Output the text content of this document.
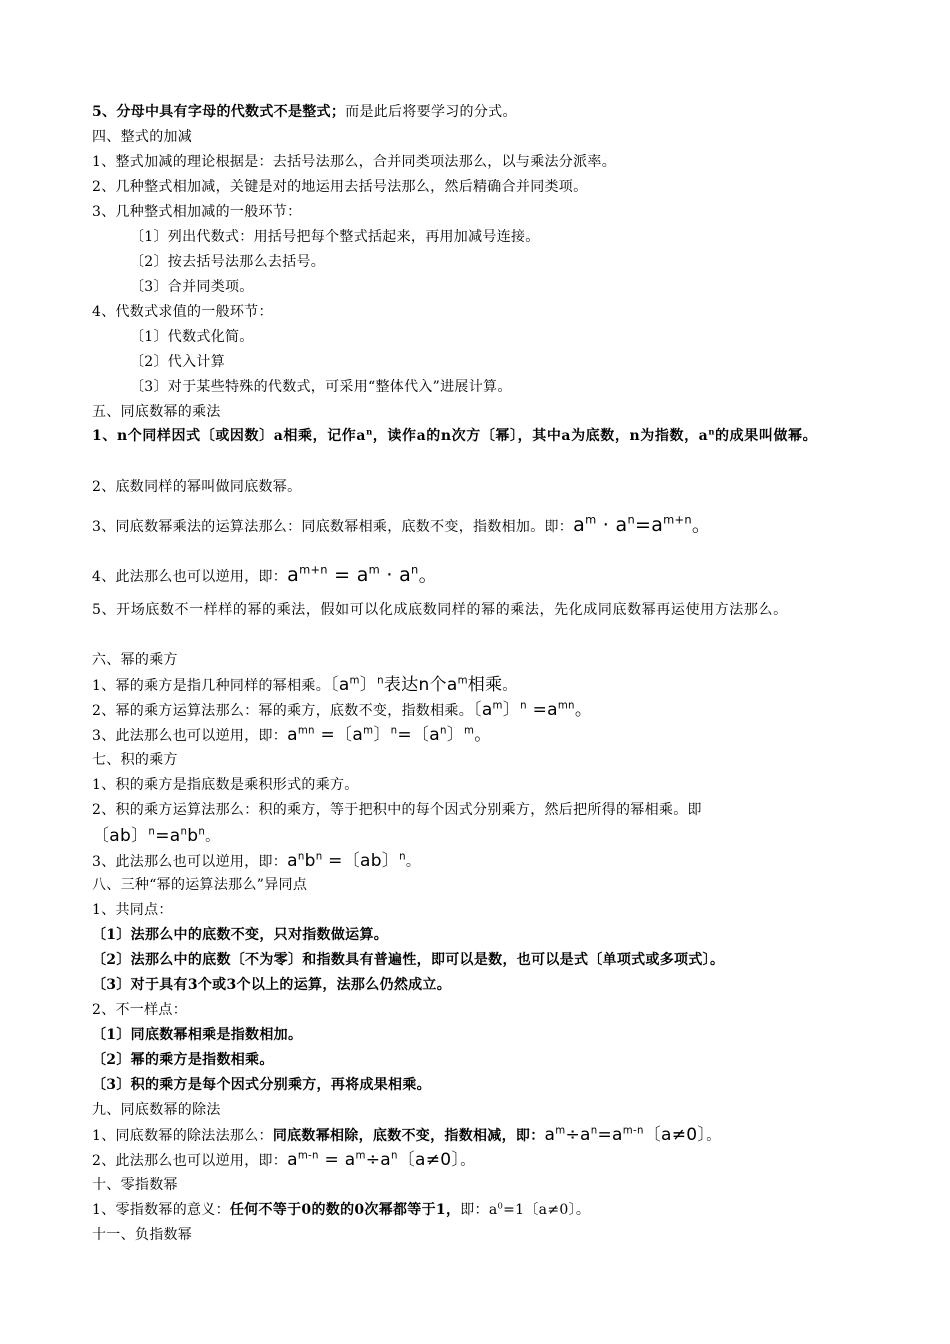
5、分母中具有字母的代数式不是整式；而是此后将要学习的分式。
四、整式的加减
1、整式加减的理论根据是：去括号法那么，合并同类项法那么，以与乘法分派率。
2、几种整式相加减，关键是对的地运用去括号法那么，然后精确合并同类项。
3、几种整式相加减的一般环节：
〔1〕列出代数式：用括号把每个整式括起来，再用加减号连接。
〔2〕按去括号法那么去括号。
〔3〕合并同类项。
4、代数式求值的一般环节：
〔1〕代数式化简。
〔2〕代入计算
〔3〕对于某些特殊的代数式，可采用“整体代入”进展计算。
五、同底数幂的乘法
1、n个同样因式〔或因数〕a相乘，记作$a^n$，读作a的n次方〔幂〕，其中a为底数，n为指数，$a^n$的成果叫做幂。
2、底数同样的幂叫做同底数幂。
3、同底数幂乘法的运算法那么：同底数幂相乘，底数不变，指数相加。即：$a^m \cdot a^n=a^{m+n}$。
4、此法那么也可以逆用，即：$a^{m+n} = a^m \cdot a^n$。
5、开场底数不一样样的幂的乘法，假如可以化成底数同样的幂的乘法，先化成同底数幂再运使用方法那么。
六、幂的乘方
1、幂的乘方是指几种同样的幂相乘。〔$a^m$〕$^n$表达n个$a^m$相乘。
2、幂的乘方运算法那么：幂的乘方，底数不变，指数相乘。〔$a^m$〕$^n =a^{mn}$。
3、此法那么也可以逆用，即：$a^{mn}$ =〔$a^m$〕$^n$=〔$a^n$〕$^m$。
七、积的乘方
1、积的乘方是指底数是乘积形式的乘方。
2、积的乘方运算法那么：积的乘方，等于把积中的每个因式分别乘方，然后把所得的幂相乘。即
〔ab〕$^n=a^nb^n$。
3、此法那么也可以逆用，即：$a^nb^n$ =〔ab〕$^n$。
八、三种“幂的运算法那么”异同点
1、共同点：
〔1〕法那么中的底数不变，只对指数做运算。
〔2〕法那么中的底数〔不为零〕和指数具有普遍性，即可以是数，也可以是式〔单项式或多项式〕。
〔3〕对于具有3个或3个以上的运算，法那么仍然成立。
2、不一样点：
〔1〕同底数幂相乘是指数相加。
〔2〕幂的乘方是指数相乘。
〔3〕积的乘方是每个因式分别乘方，再将成果相乘。
九、同底数幂的除法
1、同底数幂的除法法那么：同底数幂相除，底数不变，指数相减，即：$a^m\div a^n=a^{m-n}$〔a≠0〕。
2、此法那么也可以逆用，即：$a^{m-n} = a^m\div a^n$〔a≠0〕。
十、零指数幂
1、零指数幂的意义：任何不等于0的数的0次幂都等于1，即：$a^0=1$〔a≠0〕。
十一、负指数幂
